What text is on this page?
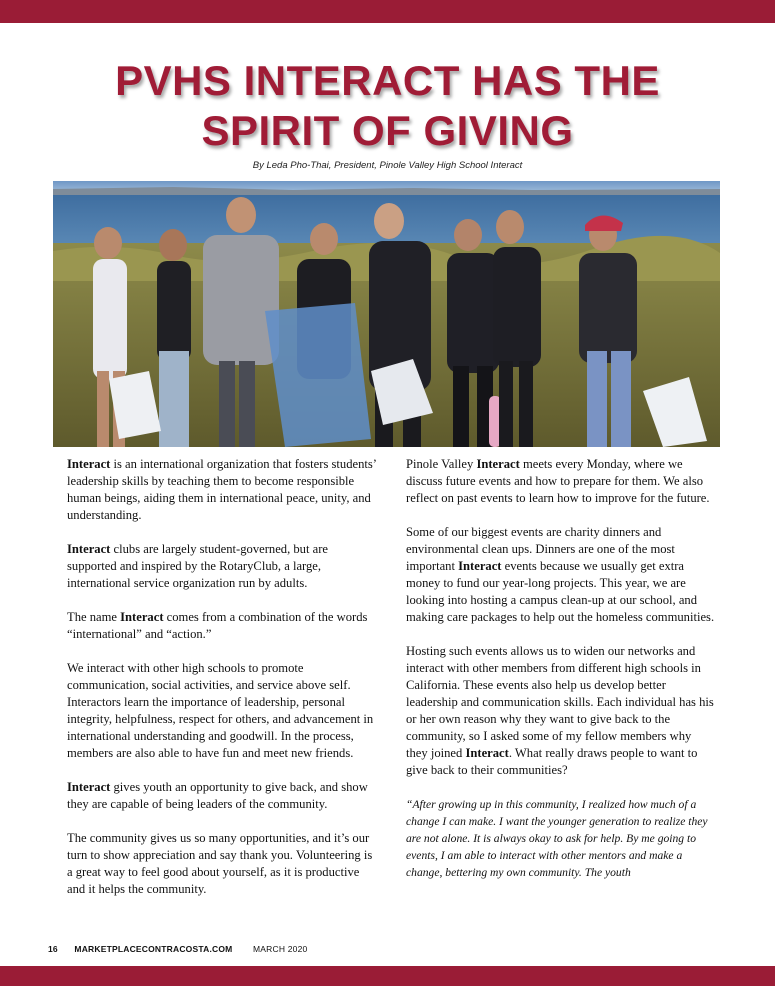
PVHS INTERACT HAS THE
SPIRIT OF GIVING
By Leda Pho-Thai, President, Pinole Valley High School Interact

Interact is an international organization that fosters students’ leadership skills by teaching them to become responsible human beings, aiding them in international peace, unity, and understanding.

Interact clubs are largely student-governed, but are supported and inspired by the RotaryClub, a large, international service organization run by adults.

The name Interact comes from a combination of the words “international” and “action.”

We interact with other high schools to promote communication, social activities, and service above self. Interactors learn the importance of leadership, personal integrity, helpfulness, respect for others, and advancement in international understanding and goodwill. In the process, members are also able to have fun and meet new friends.

Interact gives youth an opportunity to give back, and show they are capable of being leaders of the community.

The community gives us so many opportunities, and it’s our turn to show appreciation and say thank you. Volunteering is a great way to feel good about yourself, as it is productive and it helps the community.

Pinole Valley Interact meets every Monday, where we discuss future events and how to prepare for them. We also reflect on past events to learn how to improve for the future.

Some of our biggest events are charity dinners and environmental clean ups. Dinners are one of the most important Interact events because we usually get extra money to fund our year-long projects. This year, we are looking into hosting a campus clean-up at our school, and making care packages to help out the homeless communities.

Hosting such events allows us to widen our networks and interact with other members from different high schools in California. These events also help us develop better leadership and communication skills. Each individual has his or her own reason why they want to give back to the community, so I asked some of my fellow members why they joined Interact. What really draws people to want to give back to their communities?

“After growing up in this community, I realized how much of a change I can make. I want the younger generation to realize they are not alone. It is always okay to ask for help. By me going to events, I am able to interact with other mentors and make a change, bettering my own community. The youth

16 MARKETPLACECONTRACOSTA.COM MARCH 2020
